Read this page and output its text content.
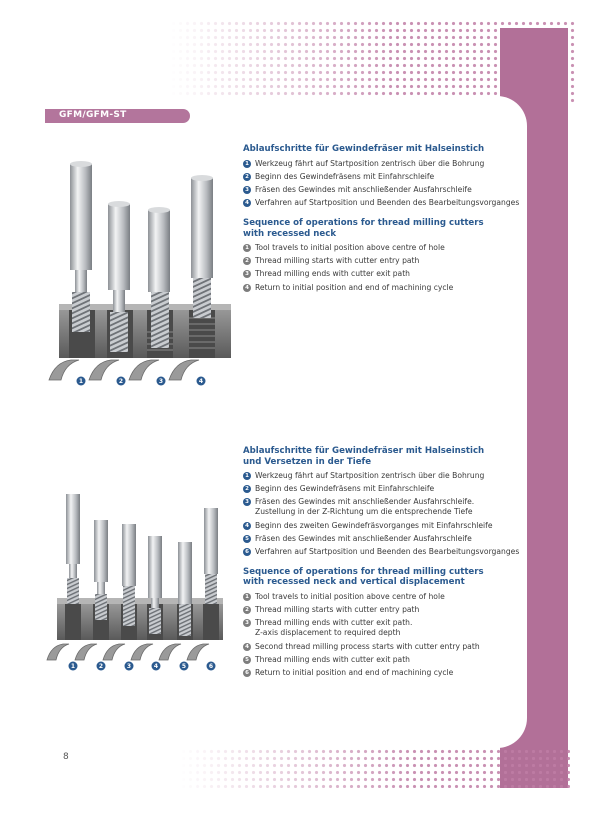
GFM/GFM-ST
1	2	3	4
Ablaufschritte für Gewindefräser mit Halseinstich
1 Werkzeug fährt auf Startposition zentrisch über die Bohrung
2 Beginn des Gewindefräsens mit Einfahrschleife
3 Fräsen des Gewindes mit anschließender Ausfahrschleife
4 Verfahren auf Startposition und Beenden des Bearbeitungsvorganges
Sequence of operations for thread milling cutters
with recessed neck
1 Tool travels to initial position above centre of hole
2 Thread milling starts with cutter entry path
3 Thread milling ends with cutter exit path
4 Return to initial position and end of machining cycle
1	2	3	4	5	6
Ablaufschritte für Gewindefräser mit Halseinstich
und Versetzen in der Tiefe
1 Werkzeug fährt auf Startposition zentrisch über die Bohrung
2 Beginn des Gewindefräsens mit Einfahrschleife
3 Fräsen des Gewindes mit anschließender Ausfahrschleife.
Zustellung in der Z-Richtung um die entsprechende Tiefe
4 Beginn des zweiten Gewindefräsvorganges mit Einfahrschleife
5 Fräsen des Gewindes mit anschließender Ausfahrschleife
6 Verfahren auf Startposition und Beenden des Bearbeitungsvorganges
Sequence of operations for thread milling cutters
with recessed neck and vertical displacement
1 Tool travels to initial position above centre of hole
2 Thread milling starts with cutter entry path
3 Thread milling ends with cutter exit path.
Z-axis displacement to required depth
4 Second thread milling process starts with cutter entry path
5 Thread milling ends with cutter exit path
6 Return to initial position and end of machining cycle
8
